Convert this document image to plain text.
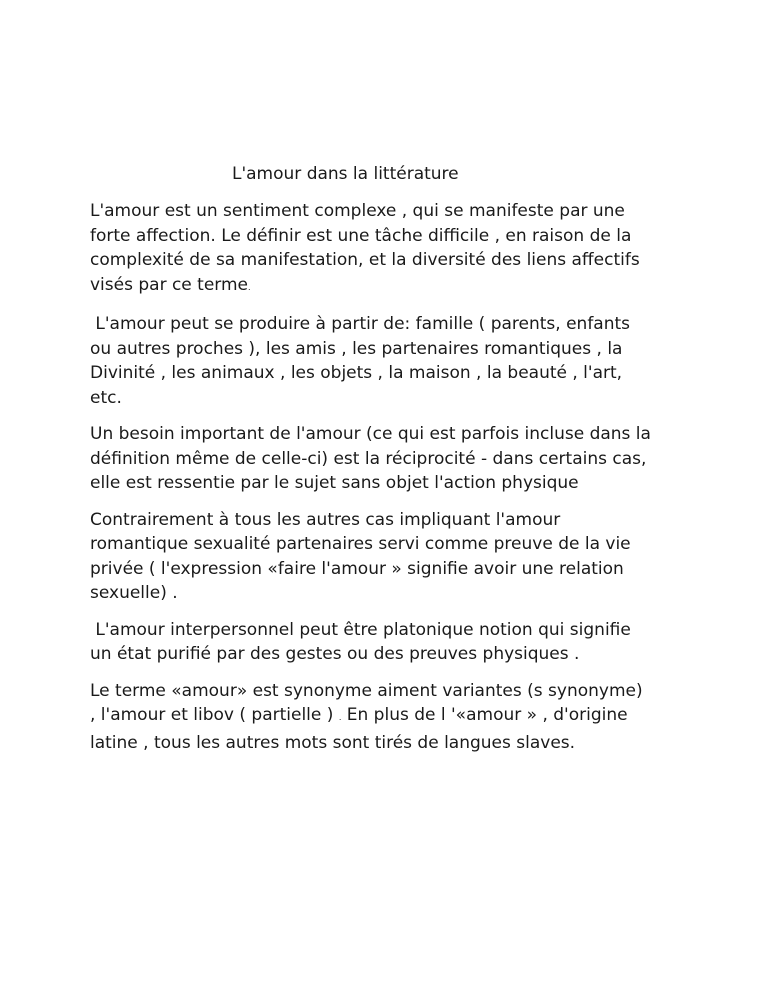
L'amour dans la littérature

L'amour est un sentiment complexe , qui se manifeste par une
forte affection. Le définir est une tâche difficile , en raison de la
complexité de sa manifestation, et la diversité des liens affectifs
visés par ce terme.

L'amour peut se produire à partir de: famille ( parents, enfants
ou autres proches ), les amis , les partenaires romantiques , la
Divinité , les animaux , les objets , la maison , la beauté , l'art,
etc.

Un besoin important de l'amour (ce qui est parfois incluse dans la
définition même de celle-ci) est la réciprocité - dans certains cas,
elle est ressentie par le sujet sans objet l'action physique

Contrairement à tous les autres cas impliquant l'amour
romantique sexualité partenaires servi comme preuve de la vie
privée ( l'expression «faire l'amour » signifie avoir une relation
sexuelle) .

L'amour interpersonnel peut être platonique notion qui signifie
un état purifié par des gestes ou des preuves physiques .

Le terme «amour» est synonyme aiment variantes (s synonyme)
, l'amour et libov ( partielle ) . En plus de l '«amour » , d'origine
latine , tous les autres mots sont tirés de langues slaves.
